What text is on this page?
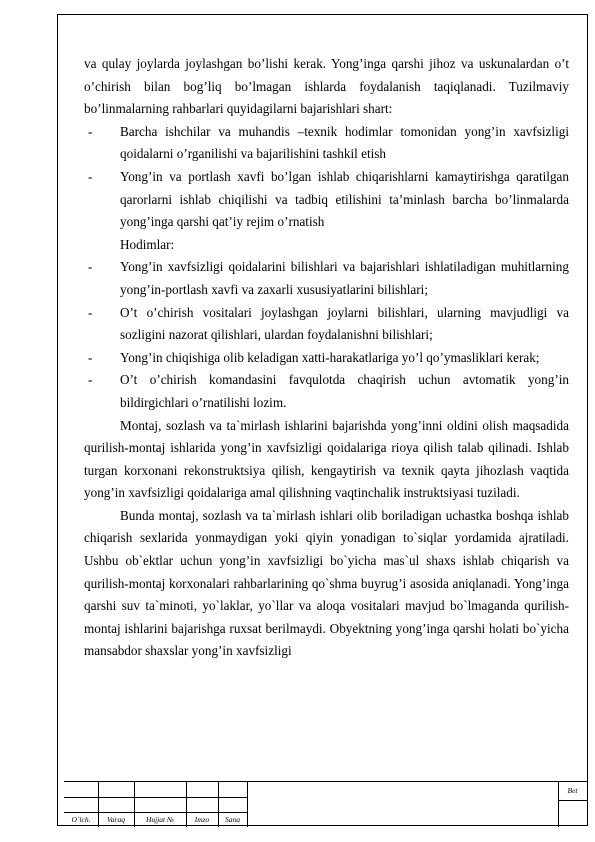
va qulay joylarda joylashgan bo’lishi kerak. Yong’inga qarshi jihoz va uskunalardan o’t o’chirish bilan bog’liq bo’lmagan ishlarda foydalanish taqiqlanadi. Tuzilmaviy bo’linmalarning rahbarlari quyidagilarni bajarishlari shart:

- Barcha ishchilar va muhandis –texnik hodimlar tomonidan yong’in xavfsizligi qoidalarni o’rganilishi va bajarilishini tashkil etish
- Yong’in va portlash xavfi bo’lgan ishlab chiqarishlarni kamaytirishga qaratilgan qarorlarni ishlab chiqilishi va tadbiq etilishini ta’minlash barcha bo’linmalarda yong’inga qarshi qat’iy rejim o’rnatish

Hodimlar:

- Yong’in xavfsizligi qoidalarini bilishlari va bajarishlari ishlatiladigan muhitlarning yong’in-portlash xavfi va zaxarli xususiyatlarini bilishlari;
- O’t o’chirish vositalari joylashgan joylarni bilishlari, ularning mavjudligi va sozligini nazorat qilishlari, ulardan foydalanishni bilishlari;
- Yong’in chiqishiga olib keladigan xatti-harakatlariga yo’l qo’ymasliklari kerak;
- O’t o’chirish komandasini favqulotda chaqirish uchun avtomatik yong’in bildirgichlari o’rnatilishi lozim.

Montaj, sozlash va ta`mirlash ishlarini bajarishda yong’inni oldini olish maqsadida qurilish-montaj ishlarida yong’in xavfsizligi qoidalariga rioya qilish talab qilinadi. Ishlab turgan korxonani rekonstruktsiya qilish, kengaytirish va texnik qayta jihozlash vaqtida yong’in xavfsizligi qoidalariga amal qilishning vaqtinchalik instruktsiyasi tuziladi.

Bunda montaj, sozlash va ta`mirlash ishlari olib boriladigan uchastka boshqa ishlab chiqarish sexlarida yonmaydigan yoki qiyin yonadigan to`siqlar yordamida ajratiladi. Ushbu ob`ektlar uchun yong’in xavfsizligi bo`yicha mas`ul shaxs ishlab chiqarish va qurilish-montaj korxonalari rahbarlarining qo`shma buyrug’i asosida aniqlanadi. Yong’inga qarshi suv ta`minoti, yo`laklar, yo`llar va aloqa vositalari mavjud bo`lmaganda qurilish-montaj ishlarini bajarishga ruxsat berilmaydi. Obyektning yong’inga qarshi holati bo`yicha mansabdor shaxslar yong’in xavfsizligi

O`lch.	Varaq	Hujjat №	Imzo	Sana
Bet
